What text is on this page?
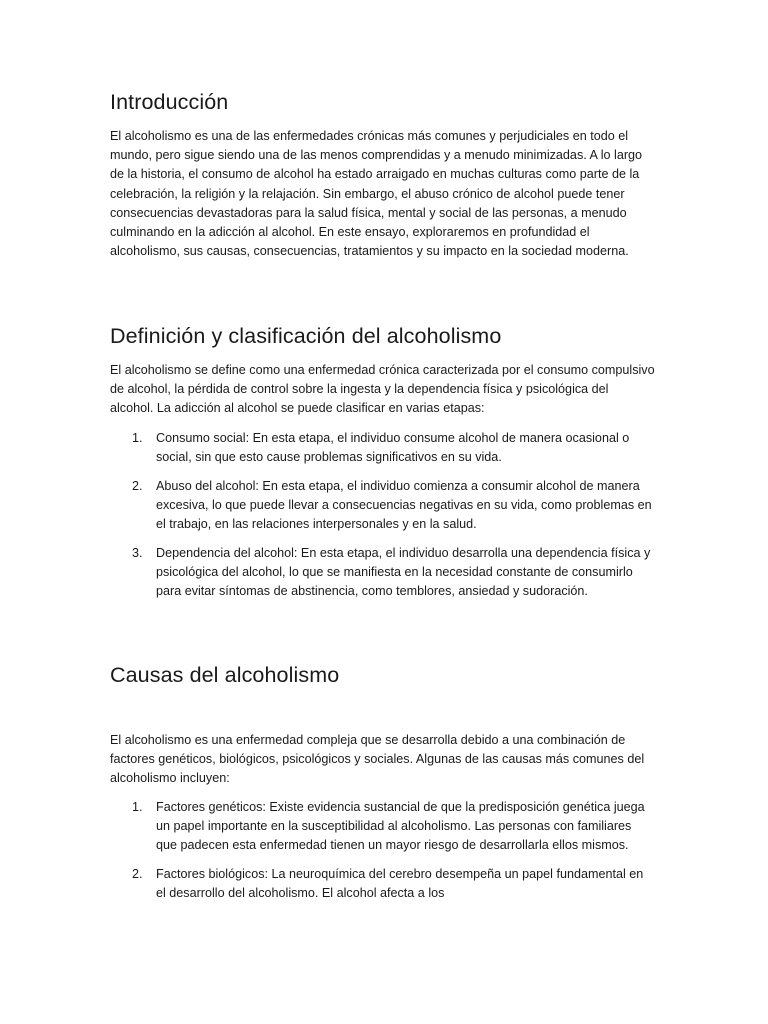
Introducción

El alcoholismo es una de las enfermedades crónicas más comunes y perjudiciales en todo el mundo, pero sigue siendo una de las menos comprendidas y a menudo minimizadas. A lo largo de la historia, el consumo de alcohol ha estado arraigado en muchas culturas como parte de la celebración, la religión y la relajación. Sin embargo, el abuso crónico de alcohol puede tener consecuencias devastadoras para la salud física, mental y social de las personas, a menudo culminando en la adicción al alcohol. En este ensayo, exploraremos en profundidad el alcoholismo, sus causas, consecuencias, tratamientos y su impacto en la sociedad moderna.

Definición y clasificación del alcoholismo

El alcoholismo se define como una enfermedad crónica caracterizada por el consumo compulsivo de alcohol, la pérdida de control sobre la ingesta y la dependencia física y psicológica del alcohol. La adicción al alcohol se puede clasificar en varias etapas:

1. Consumo social: En esta etapa, el individuo consume alcohol de manera ocasional o social, sin que esto cause problemas significativos en su vida.
2. Abuso del alcohol: En esta etapa, el individuo comienza a consumir alcohol de manera excesiva, lo que puede llevar a consecuencias negativas en su vida, como problemas en el trabajo, en las relaciones interpersonales y en la salud.
3. Dependencia del alcohol: En esta etapa, el individuo desarrolla una dependencia física y psicológica del alcohol, lo que se manifiesta en la necesidad constante de consumirlo para evitar síntomas de abstinencia, como temblores, ansiedad y sudoración.
Causas del alcoholismo

El alcoholismo es una enfermedad compleja que se desarrolla debido a una combinación de factores genéticos, biológicos, psicológicos y sociales. Algunas de las causas más comunes del alcoholismo incluyen:

1. Factores genéticos: Existe evidencia sustancial de que la predisposición genética juega un papel importante en la susceptibilidad al alcoholismo. Las personas con familiares que padecen esta enfermedad tienen un mayor riesgo de desarrollarla ellos mismos.
2. Factores biológicos: La neuroquímica del cerebro desempeña un papel fundamental en el desarrollo del alcoholismo. El alcohol afecta a los
